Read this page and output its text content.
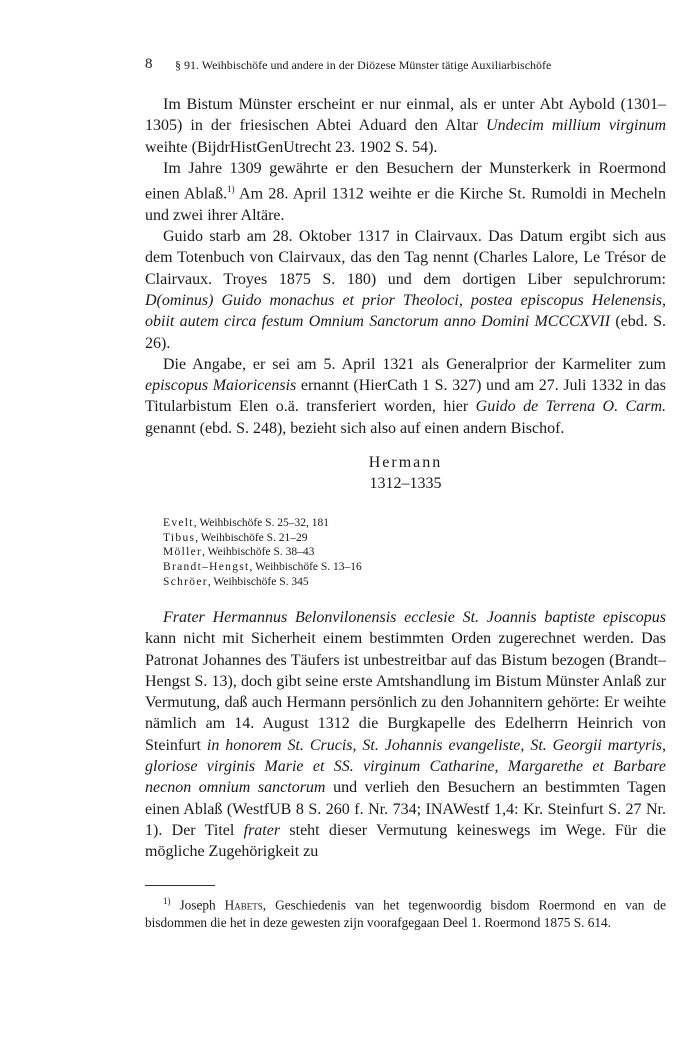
8 § 91. Weihbischöfe und andere in der Diözese Münster tätige Auxiliarbischöfe

Im Bistum Münster erscheint er nur einmal, als er unter Abt Aybold (1301–1305) in der friesischen Abtei Aduard den Altar Undecim millium virginum weihte (BijdrHistGenUtrecht 23. 1902 S. 54).

Im Jahre 1309 gewährte er den Besuchern der Munsterkerk in Roermond einen Ablaß.$^{1)}$ Am 28. April 1312 weihte er die Kirche St. Rumoldi in Mecheln und zwei ihrer Altäre.

Guido starb am 28. Oktober 1317 in Clairvaux. Das Datum ergibt sich aus dem Totenbuch von Clairvaux, das den Tag nennt (Charles Lalore, Le Trésor de Clairvaux. Troyes 1875 S. 180) und dem dortigen Liber sepulchrorum: D(ominus) Guido monachus et prior Theoloci, postea episcopus Helenensis, obiit autem circa festum Omnium Sanctorum anno Domini MCCCXVII (ebd. S. 26).

Die Angabe, er sei am 5. April 1321 als Generalprior der Karmeliter zum episcopus Maioricensis ernannt (HierCath 1 S. 327) und am 27. Juli 1332 in das Titularbistum Elen o.ä. transferiert worden, hier Guido de Terrena O. Carm. genannt (ebd. S. 248), bezieht sich also auf einen andern Bischof.

Hermann
1312–1335
Evelt, Weihbischöfe S. 25–32, 181
Tibus, Weihbischöfe S. 21–29
Möller, Weihbischöfe S. 38–43
Brandt–Hengst, Weihbischöfe S. 13–16
Schröer, Weihbischöfe S. 345

Frater Hermannus Belonvilonensis ecclesie St. Joannis baptiste episcopus kann nicht mit Sicherheit einem bestimmten Orden zugerechnet werden. Das Patronat Johannes des Täufers ist unbestreitbar auf das Bistum bezogen (Brandt–Hengst S. 13), doch gibt seine erste Amtshandlung im Bistum Münster Anlaß zur Vermutung, daß auch Hermann persönlich zu den Johannitern gehörte: Er weihte nämlich am 14. August 1312 die Burgkapelle des Edelherrn Heinrich von Steinfurt in honorem St. Crucis, St. Johannis evangeliste, St. Georgii martyris, gloriose virginis Marie et SS. virginum Catharine, Margarethe et Barbare necnon omnium sanctorum und verlieh den Besuchern an bestimmten Tagen einen Ablaß (WestfUB 8 S. 260 f. Nr. 734; INAWestf 1,4: Kr. Steinfurt S. 27 Nr. 1). Der Titel frater steht dieser Vermutung keineswegs im Wege. Für die mögliche Zugehörigkeit zu

$^{1)}$ Joseph Habets, Geschiedenis van het tegenwoordig bisdom Roermond en van de bisdommen die het in deze gewesten zijn voorafgegaan Deel 1. Roermond 1875 S. 614.
